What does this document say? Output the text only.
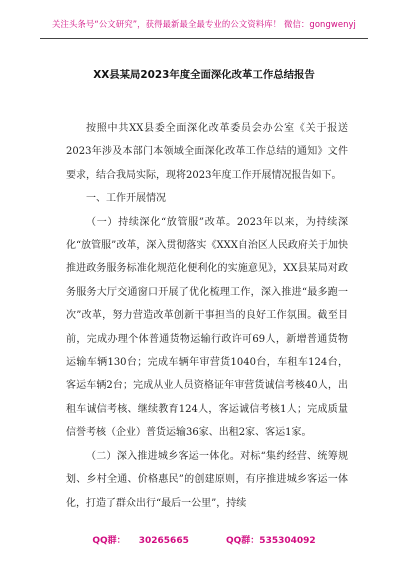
关注头条号“公文研究”，获得最新最全最专业的公文资料库！ 微信：gongwenyj
XX县某局2023年度全面深化改革工作总结报告

按照中共XX县委全面深化改革委员会办公室《关于报送2023年涉及本部门本领域全面深化改革工作总结的通知》文件要求，结合我局实际，现将2023年度工作开展情况报告如下。

一、工作开展情况

（一）持续深化“放管服”改革。2023年以来，为持续深化“放管服”改革，深入贯彻落实《XXX自治区人民政府关于加快推进政务服务标准化规范化便利化的实施意见》，XX县某局对政务服务大厅交通窗口开展了优化梳理工作，深入推进“最多跑一次”改革，努力营造改革创新干事担当的良好工作氛围。截至目前，完成办理个体普通货物运输行政许可69人，新增普通货物运输车辆130台；完成车辆年审营货1040台，车租车124台，客运车辆2台；完成从业人员资格证年审营货诚信考核40人，出租车诚信考核、继续教育124人，客运诚信考核1人；完成质量信誉考核（企业）普货运输36家、出租2家、客运1家。

（二）深入推进城乡客运一体化。对标“集约经营、统筹规划、乡村全通、价格惠民”的创建原则，有序推进城乡客运一体化，打造了群众出行“最后一公里”，持续

QQ群： 30265665	QQ群：535304092
